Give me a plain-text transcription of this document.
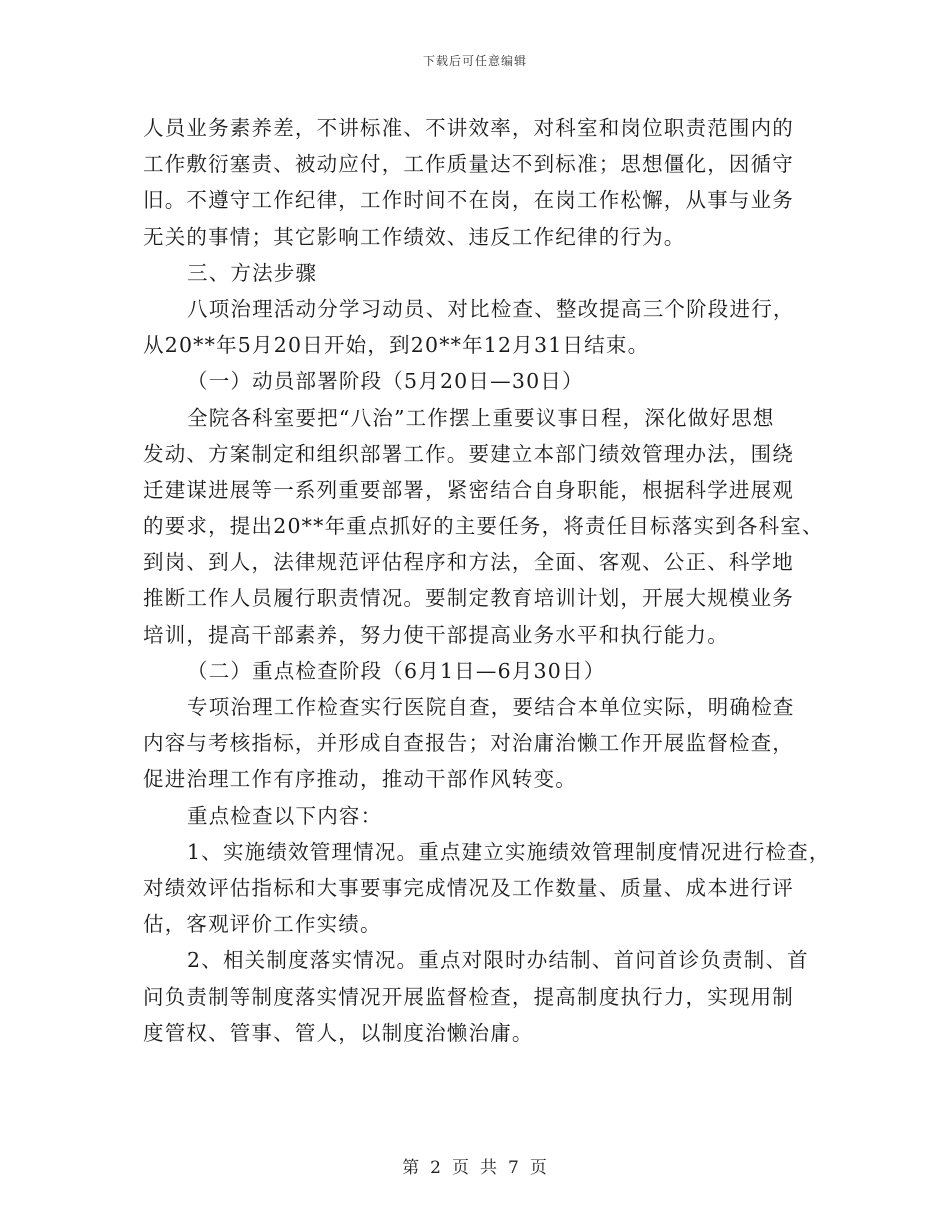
下载后可任意编辑
人员业务素养差，不讲标准、不讲效率，对科室和岗位职责范围内的
工作敷衍塞责、被动应付，工作质量达不到标准；思想僵化，因循守
旧。不遵守工作纪律，工作时间不在岗，在岗工作松懈，从事与业务
无关的事情；其它影响工作绩效、违反工作纪律的行为。
三、方法步骤
八项治理活动分学习动员、对比检查、整改提高三个阶段进行，
从20**年5月20日开始，到20**年12月31日结束。
（一）动员部署阶段（5月20日—30日）
全院各科室要把“八治”工作摆上重要议事日程，深化做好思想
发动、方案制定和组织部署工作。要建立本部门绩效管理办法，围绕
迁建谋进展等一系列重要部署，紧密结合自身职能，根据科学进展观
的要求，提出20**年重点抓好的主要任务，将责任目标落实到各科室、
到岗、到人，法律规范评估程序和方法，全面、客观、公正、科学地
推断工作人员履行职责情况。要制定教育培训计划，开展大规模业务
培训，提高干部素养，努力使干部提高业务水平和执行能力。
（二）重点检查阶段（6月1日—6月30日）
专项治理工作检查实行医院自查，要结合本单位实际，明确检查
内容与考核指标，并形成自查报告；对治庸治懒工作开展监督检查，
促进治理工作有序推动，推动干部作风转变。
重点检查以下内容：
1、实施绩效管理情况。重点建立实施绩效管理制度情况进行检查，
对绩效评估指标和大事要事完成情况及工作数量、质量、成本进行评
估，客观评价工作实绩。
2、相关制度落实情况。重点对限时办结制、首问首诊负责制、首
问负责制等制度落实情况开展监督检查，提高制度执行力，实现用制
度管权、管事、管人，以制度治懒治庸。
第 2 页 共 7 页
